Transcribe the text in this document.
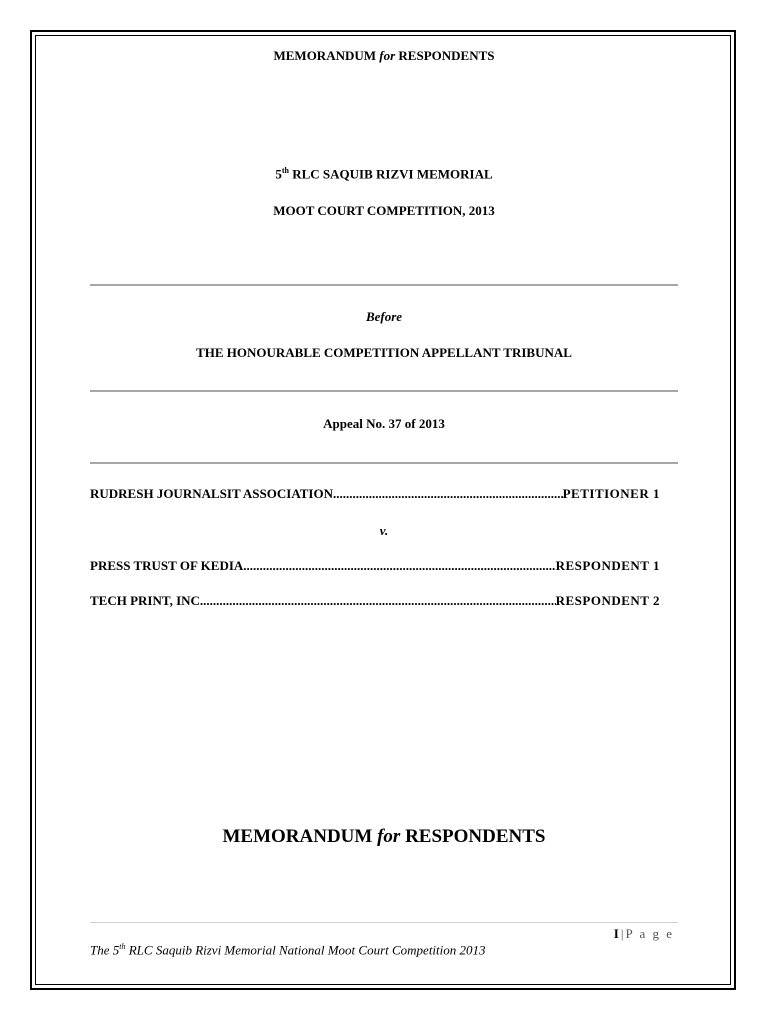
MEMORANDUM for RESPONDENTS
5th RLC SAQUIB RIZVI MEMORIAL
MOOT COURT COMPETITION, 2013
Before
THE HONOURABLE COMPETITION APPELLANT TRIBUNAL
Appeal No. 37 of 2013
RUDRESH JOURNALSIT ASSOCIATION .....	PETITIONER 1
v.
PRESS TRUST OF KEDIA .....	RESPONDENT 1
TECH PRINT, INC .....	RESPONDENT 2
MEMORANDUM for RESPONDENTS
I|P a g e
The 5th RLC Saquib Rizvi Memorial National Moot Court Competition 2013
